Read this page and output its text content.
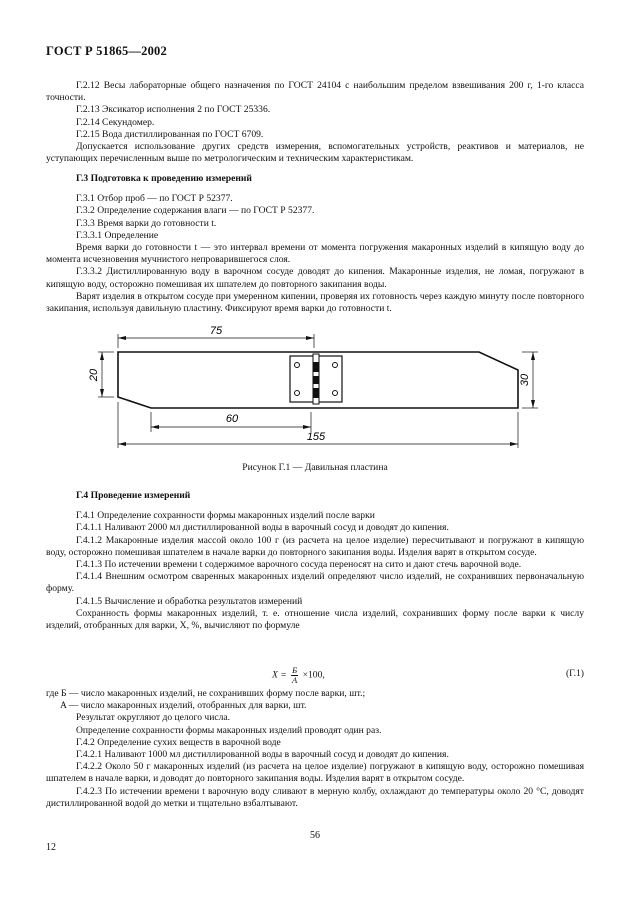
ГОСТ Р 51865—2002

Г.2.12 Весы лабораторные общего назначения по ГОСТ 24104 с наибольшим пределом взвешивания 200 г, 1-го класса точности.

Г.2.13 Эксикатор исполнения 2 по ГОСТ 25336.

Г.2.14 Секундомер.

Г.2.15 Вода дистиллированная по ГОСТ 6709.

Допускается использование других средств измерения, вспомогательных устройств, реактивов и материалов, не уступающих перечисленным выше по метрологическим и техническим характеристикам.

Г.3 Подготовка к проведению измерений

Г.3.1 Отбор проб — по ГОСТ Р 52377.

Г.3.2 Определение содержания влаги — по ГОСТ Р 52377.

Г.3.3 Время варки до готовности t.

Г.3.3.1 Определение

Время варки до готовности t — это интервал времени от момента погружения макаронных изделий в кипящую воду до момента исчезновения мучнистого непроварившегося слоя.

Г.3.3.2 Дистиллированную воду в варочном сосуде доводят до кипения. Макаронные изделия, не ломая, погружают в кипящую воду, осторожно помешивая их шпателем до повторного закипания воды.

Варят изделия в открытом сосуде при умеренном кипении, проверяя их готовность через каждую минуту после повторного закипания, используя давильную пластину. Фиксируют время варки до готовности t.

75
20	30
60
155
Рисунок Г.1 — Давильная пластина
Г.4 Проведение измерений

Г.4.1 Определение сохранности формы макаронных изделий после варки

Г.4.1.1 Наливают 2000 мл дистиллированной воды в варочный сосуд и доводят до кипения.

Г.4.1.2 Макаронные изделия массой около 100 г (из расчета на целое изделие) пересчитывают и погружают в кипящую воду, осторожно помешивая шпателем в начале варки до повторного закипания воды. Изделия варят в открытом сосуде.

Г.4.1.3 По истечении времени t содержимое варочного сосуда переносят на сито и дают стечь варочной воде.

Г.4.1.4 Внешним осмотром сваренных макаронных изделий определяют число изделий, не сохранивших первоначальную форму.

Г.4.1.5 Вычисление и обработка результатов измерений

Сохранность формы макаронных изделий, т. е. отношение числа изделий, сохранивших форму после варки к числу изделий, отобранных для варки, X, %, вычисляют по формуле

$X = \frac{Б}{A} \times 100$,	(Г.1)

где Б — число макаронных изделий, не сохранивших форму после варки, шт.;

A — число макаронных изделий, отобранных для варки, шт.

Результат округляют до целого числа.

Определение сохранности формы макаронных изделий проводят один раз.

Г.4.2 Определение сухих веществ в варочной воде

Г.4.2.1 Наливают 1000 мл дистиллированной воды в варочный сосуд и доводят до кипения.

Г.4.2.2 Около 50 г макаронных изделий (из расчета на целое изделие) погружают в кипящую воду, осторожно помешивая шпателем в начале варки, и доводят до повторного закипания воды. Изделия варят в открытом сосуде.

Г.4.2.3 По истечении времени t варочную воду сливают в мерную колбу, охлаждают до температуры около 20 °С, доводят дистиллированной водой до метки и тщательно взбалтывают.

56
12
